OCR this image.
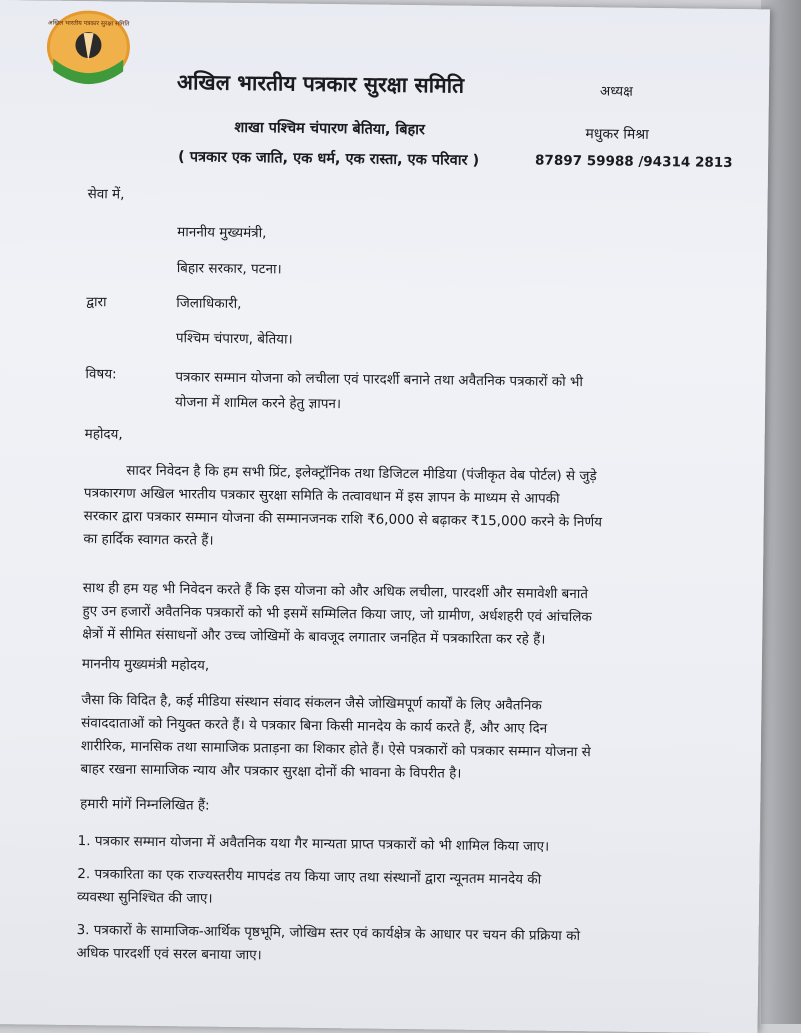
अखिल भारतीय पत्रकार सुरक्षा समिति
अखिल भारतीय पत्रकार सुरक्षा समिति	अध्यक्ष
शाखा पश्चिम चंपारण बेतिया, बिहार	मधुकर मिश्रा
( पत्रकार एक जाति, एक धर्म, एक रास्ता, एक परिवार )	87897 59988 /94314 2813
सेवा में,
माननीय मुख्यमंत्री,
बिहार सरकार, पटना।
द्वारा	जिलाधिकारी,
पश्चिम चंपारण, बेतिया।
विषय:	पत्रकार सम्मान योजना को लचीला एवं पारदर्शी बनाने तथा अवैतनिक पत्रकारों को भी
योजना में शामिल करने हेतु ज्ञापन।
महोदय,
सादर निवेदन है कि हम सभी प्रिंट, इलेक्ट्रॉनिक तथा डिजिटल मीडिया (पंजीकृत वेब पोर्टल) से जुड़े
पत्रकारगण अखिल भारतीय पत्रकार सुरक्षा समिति के तत्वावधान में इस ज्ञापन के माध्यम से आपकी
सरकार द्वारा पत्रकार सम्मान योजना की सम्मानजनक राशि ₹6,000 से बढ़ाकर ₹15,000 करने के निर्णय
का हार्दिक स्वागत करते हैं।
साथ ही हम यह भी निवेदन करते हैं कि इस योजना को और अधिक लचीला, पारदर्शी और समावेशी बनाते
हुए उन हजारों अवैतनिक पत्रकारों को भी इसमें सम्मिलित किया जाए, जो ग्रामीण, अर्धशहरी एवं आंचलिक
क्षेत्रों में सीमित संसाधनों और उच्च जोखिमों के बावजूद लगातार जनहित में पत्रकारिता कर रहे हैं।
माननीय मुख्यमंत्री महोदय,
जैसा कि विदित है, कई मीडिया संस्थान संवाद संकलन जैसे जोखिमपूर्ण कार्यों के लिए अवैतनिक
संवाददाताओं को नियुक्त करते हैं। ये पत्रकार बिना किसी मानदेय के कार्य करते हैं, और आए दिन
शारीरिक, मानसिक तथा सामाजिक प्रताड़ना का शिकार होते हैं। ऐसे पत्रकारों को पत्रकार सम्मान योजना से
बाहर रखना सामाजिक न्याय और पत्रकार सुरक्षा दोनों की भावना के विपरीत है।
हमारी मांगें निम्नलिखित हैं:
1. पत्रकार सम्मान योजना में अवैतनिक यथा गैर मान्यता प्राप्त पत्रकारों को भी शामिल किया जाए।
2. पत्रकारिता का एक राज्यस्तरीय मापदंड तय किया जाए तथा संस्थानों द्वारा न्यूनतम मानदेय की
व्यवस्था सुनिश्चित की जाए।
3. पत्रकारों के सामाजिक-आर्थिक पृष्ठभूमि, जोखिम स्तर एवं कार्यक्षेत्र के आधार पर चयन की प्रक्रिया को
अधिक पारदर्शी एवं सरल बनाया जाए।
